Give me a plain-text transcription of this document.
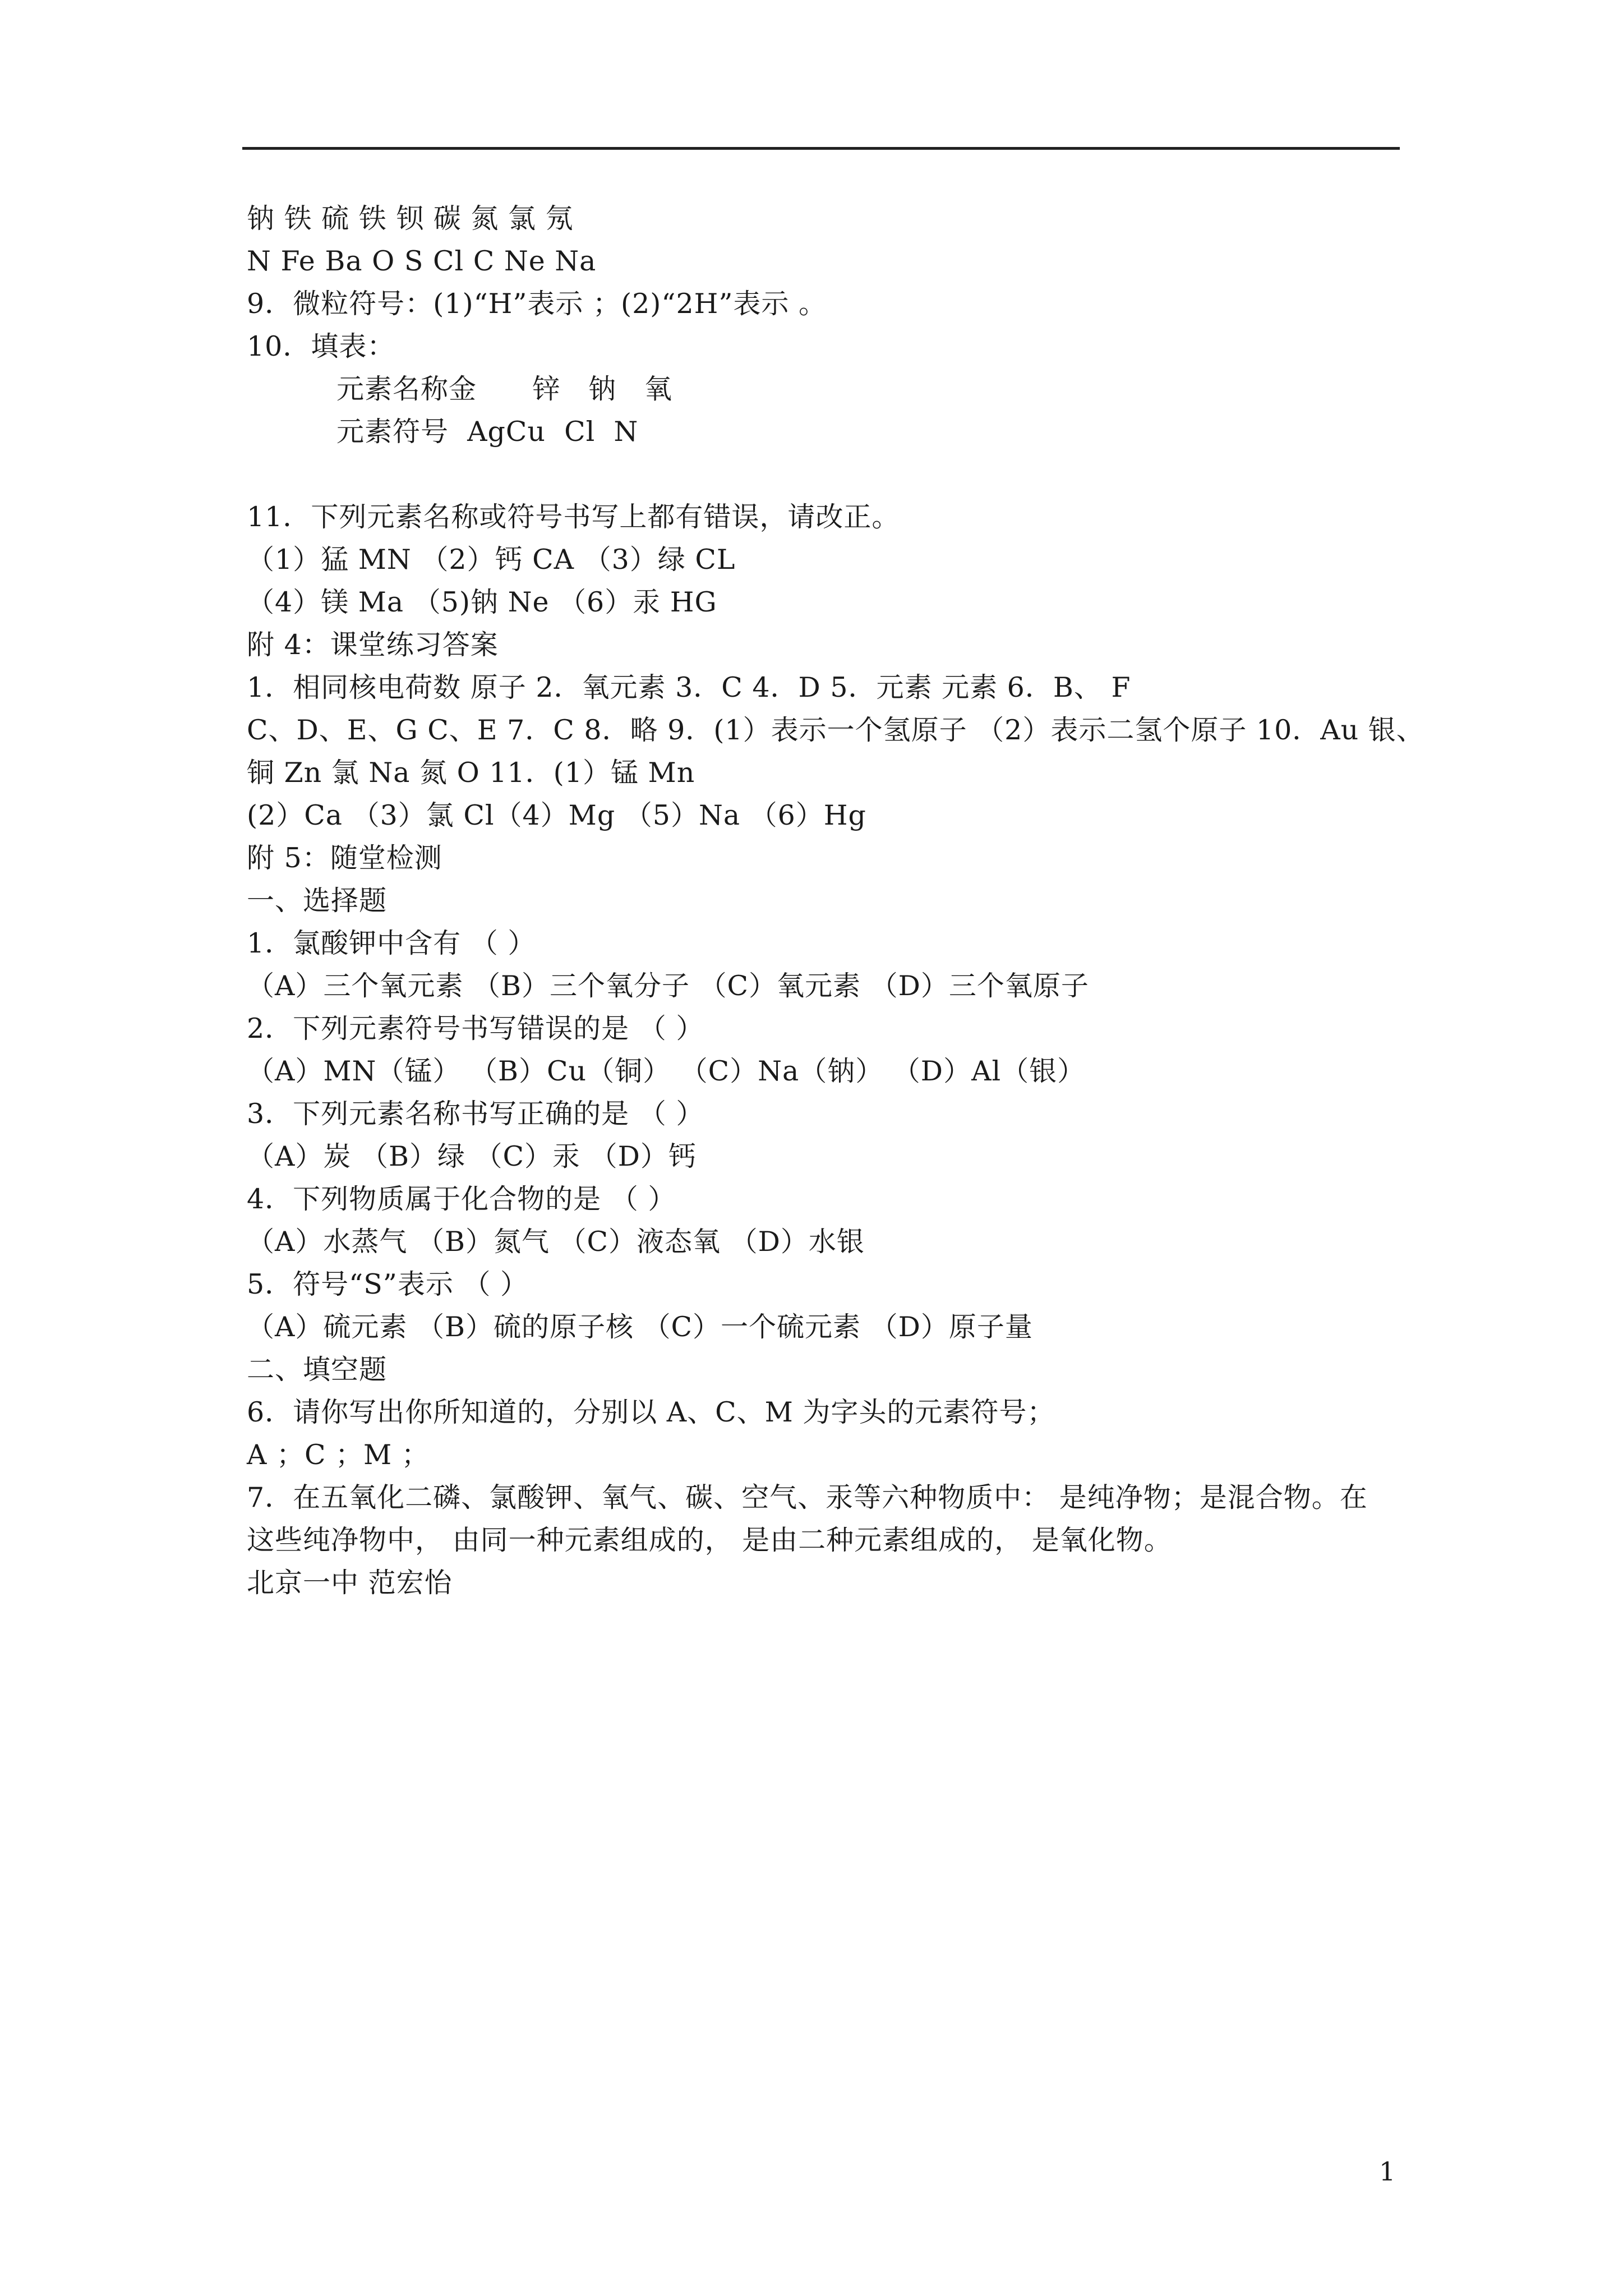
钠 铁 硫 铁 钡 碳 氮 氯 氖
N Fe Ba O S Cl C Ne Na
9．微粒符号：(1)“H”表示 ；(2)“2H”表示 。
10．填表：
元素名称金      锌   钠   氧
元素符号  AgCu  Cl  N
11．下列元素名称或符号书写上都有错误，请改正。
（1）猛 MN （2）钙 CA （3）绿 CL
（4）镁 Ma （5)钠 Ne （6）汞 HG
附 4：课堂练习答案
1．相同核电荷数 原子 2．氧元素 3．C 4．D 5．元素 元素 6．B、 F
C、D、E、G C、E 7．C 8．略 9．(1）表示一个氢原子 （2）表示二氢个原子 10．Au 银、
铜 Zn 氯 Na 氮 O 11．(1）锰 Mn
(2）Ca （3）氯 Cl（4）Mg （5）Na （6）Hg
附 5：随堂检测
一、选择题
1．氯酸钾中含有 （ ）
（A）三个氧元素 （B）三个氧分子 （C）氧元素 （D）三个氧原子
2．下列元素符号书写错误的是 （ ）
（A）MN（锰） （B）Cu（铜） （C）Na（钠） （D）Al（银）
3．下列元素名称书写正确的是 （ ）
（A）炭 （B）绿 （C）汞 （D）钙
4．下列物质属于化合物的是 （ ）
（A）水蒸气 （B）氮气 （C）液态氧 （D）水银
5．符号“S”表示 （ ）
（A）硫元素 （B）硫的原子核 （C）一个硫元素 （D）原子量
二、填空题
6．请你写出你所知道的，分别以 A、C、M 为字头的元素符号；
A ；C ；M ；
7．在五氧化二磷、氯酸钾、氧气、碳、空气、汞等六种物质中： 是纯净物；是混合物。在
这些纯净物中， 由同一种元素组成的， 是由二种元素组成的， 是氧化物。
北京一中 范宏怡
1
